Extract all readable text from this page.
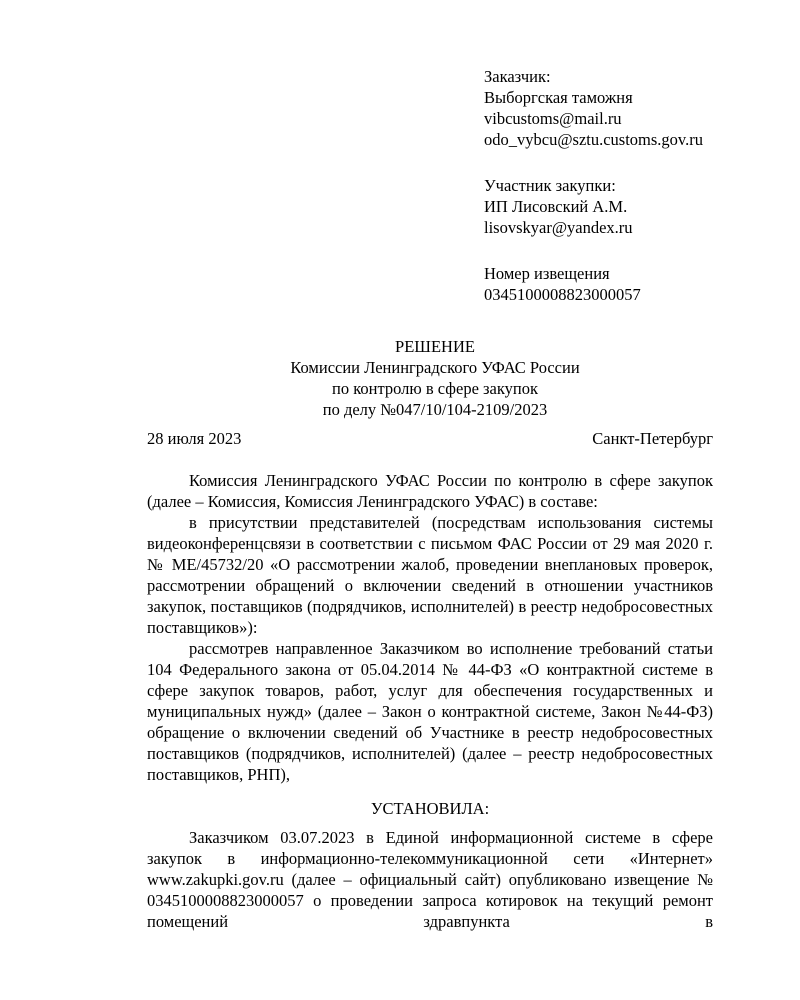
Заказчик:
Выборгская таможня
vibcustoms@mail.ru
odo_vybcu@sztu.customs.gov.ru
Участник закупки:
ИП Лисовский А.М.
lisovskyar@yandex.ru
Номер извещения
0345100008823000057
РЕШЕНИЕ
Комиссии Ленинградского УФАС России
по контролю в сфере закупок
по делу №047/10/104-2109/2023
28 июля 2023	Санкт-Петербург
Комиссия Ленинградского УФАС России по контролю в сфере закупок (далее – Комиссия, Комиссия Ленинградского УФАС) в составе:
в присутствии представителей (посредствам использования системы видеоконференцсвязи в соответствии с письмом ФАС России от 29 мая 2020 г. № МЕ/45732/20 «О рассмотрении жалоб, проведении внеплановых проверок, рассмотрении обращений о включении сведений в отношении участников закупок, поставщиков (подрядчиков, исполнителей) в реестр недобросовестных поставщиков»):
рассмотрев направленное Заказчиком во исполнение требований статьи 104 Федерального закона от 05.04.2014 № 44-ФЗ «О контрактной системе в сфере закупок товаров, работ, услуг для обеспечения государственных и муниципальных нужд» (далее – Закон о контрактной системе, Закон №44-ФЗ) обращение о включении сведений об Участнике в реестр недобросовестных поставщиков (подрядчиков, исполнителей) (далее – реестр недобросовестных поставщиков, РНП),
УСТАНОВИЛА:
Заказчиком 03.07.2023 в Единой информационной системе в сфере закупок в информационно-телекоммуникационной сети «Интернет» www.zakupki.gov.ru (далее – официальный сайт) опубликовано извещение № 0345100008823000057 о проведении запроса котировок на текущий ремонт помещений здравпункта в
